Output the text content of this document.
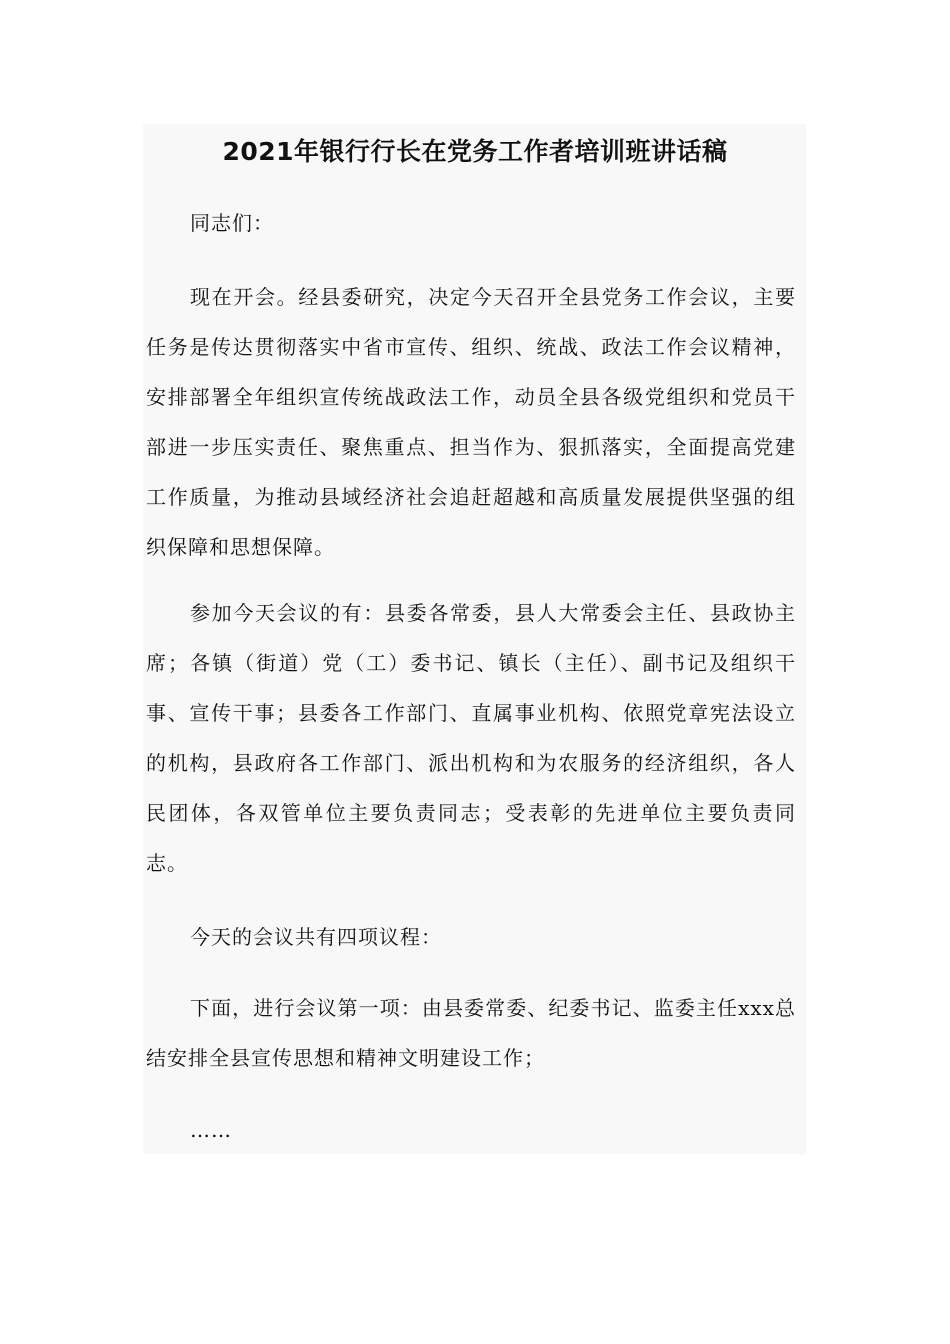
2021年银行行长在党务工作者培训班讲话稿

同志们：

现在开会。经县委研究，决定今天召开全县党务工作会议，主要任务是传达贯彻落实中省市宣传、组织、统战、政法工作会议精神，安排部署全年组织宣传统战政法工作，动员全县各级党组织和党员干部进一步压实责任、聚焦重点、担当作为、狠抓落实，全面提高党建工作质量，为推动县域经济社会追赶超越和高质量发展提供坚强的组织保障和思想保障。

参加今天会议的有：县委各常委，县人大常委会主任、县政协主席；各镇（街道）党（工）委书记、镇长（主任）、副书记及组织干事、宣传干事；县委各工作部门、直属事业机构、依照党章宪法设立的机构，县政府各工作部门、派出机构和为农服务的经济组织，各人民团体，各双管单位主要负责同志；受表彰的先进单位主要负责同志。

今天的会议共有四项议程：

下面，进行会议第一项：由县委常委、纪委书记、监委主任xxx总结安排全县宣传思想和精神文明建设工作；

……
